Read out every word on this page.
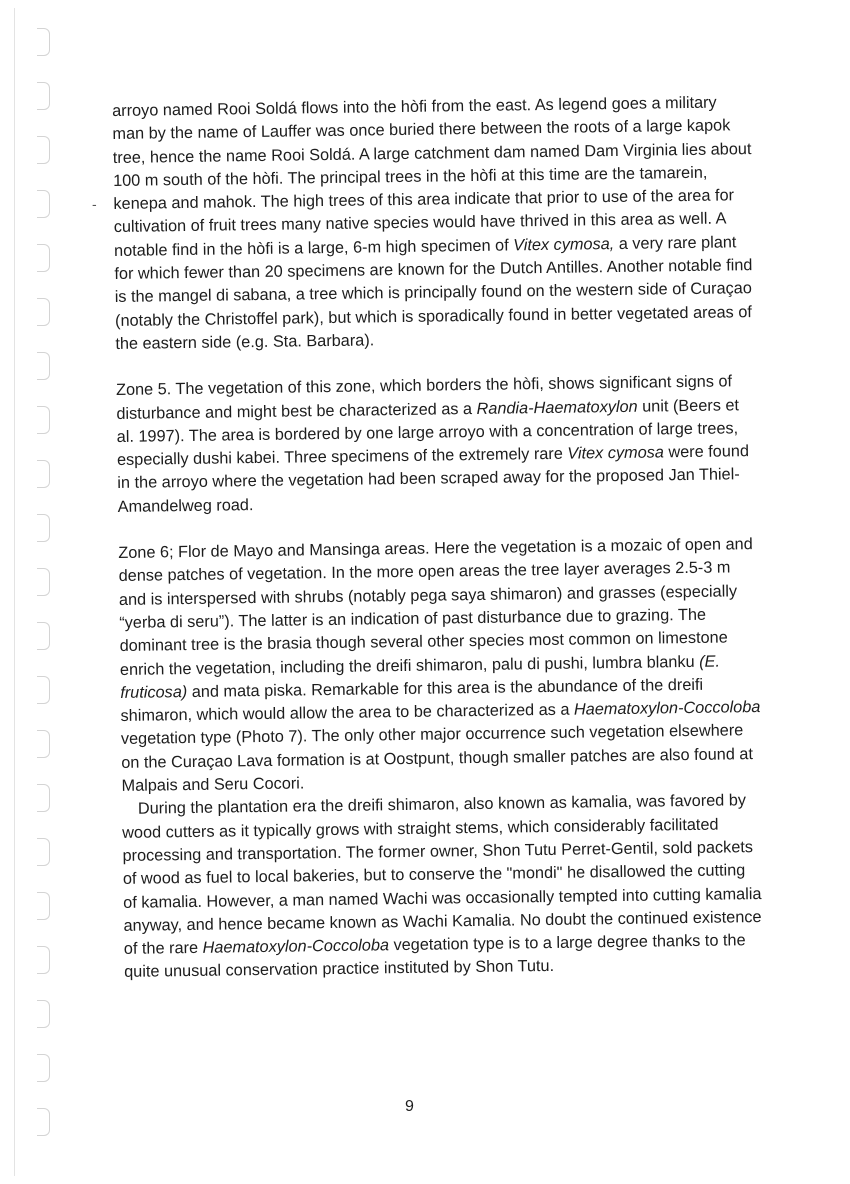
-

arroyo named Rooi Soldá flows into the hòfi from the east. As legend goes a military man by the name of Lauffer was once buried there between the roots of a large kapok tree, hence the name Rooi Soldá. A large catchment dam named Dam Virginia lies about 100 m south of the hòfi. The principal trees in the hòfi at this time are the tamarein, kenepa and mahok. The high trees of this area indicate that prior to use of the area for cultivation of fruit trees many native species would have thrived in this area as well. A notable find in the hòfi is a large, 6-m high specimen of Vitex cymosa, a very rare plant for which fewer than 20 specimens are known for the Dutch Antilles. Another notable find is the mangel di sabana, a tree which is principally found on the western side of Curaçao (notably the Christoffel park), but which is sporadically found in better vegetated areas of the eastern side (e.g. Sta. Barbara).

Zone 5. The vegetation of this zone, which borders the hòfi, shows significant signs of disturbance and might best be characterized as a Randia-Haematoxylon unit (Beers et al. 1997). The area is bordered by one large arroyo with a concentration of large trees, especially dushi kabei. Three specimens of the extremely rare Vitex cymosa were found in the arroyo where the vegetation had been scraped away for the proposed Jan Thiel-Amandelweg road.

Zone 6; Flor de Mayo and Mansinga areas. Here the vegetation is a mozaic of open and dense patches of vegetation. In the more open areas the tree layer averages 2.5-3 m and is interspersed with shrubs (notably pega saya shimaron) and grasses (especially “yerba di seru”). The latter is an indication of past disturbance due to grazing. The dominant tree is the brasia though several other species most common on limestone enrich the vegetation, including the dreifi shimaron, palu di pushi, lumbra blanku (E. fruticosa) and mata piska. Remarkable for this area is the abundance of the dreifi shimaron, which would allow the area to be characterized as a Haematoxylon-Coccoloba vegetation type (Photo 7). The only other major occurrence such vegetation elsewhere on the Curaçao Lava formation is at Oostpunt, though smaller patches are also found at Malpais and Seru Cocori.

During the plantation era the dreifi shimaron, also known as kamalia, was favored by wood cutters as it typically grows with straight stems, which considerably facilitated processing and transportation. The former owner, Shon Tutu Perret-Gentil, sold packets of wood as fuel to local bakeries, but to conserve the "mondi" he disallowed the cutting of kamalia. However, a man named Wachi was occasionally tempted into cutting kamalia anyway, and hence became known as Wachi Kamalia. No doubt the continued existence of the rare Haematoxylon-Coccoloba vegetation type is to a large degree thanks to the quite unusual conservation practice instituted by Shon Tutu.

9
